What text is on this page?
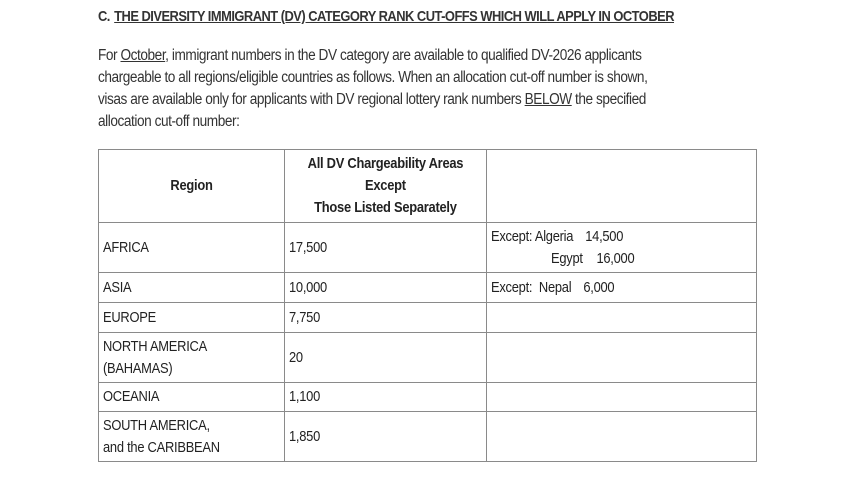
C. THE DIVERSITY IMMIGRANT (DV) CATEGORY RANK CUT-OFFS WHICH WILL APPLY IN OCTOBER
For October, immigrant numbers in the DV category are available to qualified DV-2026 applicants
chargeable to all regions/eligible countries as follows. When an allocation cut-off number is shown,
visas are available only for applicants with DV regional lottery rank numbers BELOW the specified
allocation cut-off number:
Region	All DV Chargeability Areas
Except
Those Listed Separately	

AFRICA	17,500	Except: Algeria 14,500
Egypt 16,000

ASIA	10,000	Except: Nepal 6,000

EUROPE	7,750	

NORTH AMERICA
(BAHAMAS)	20	
OCEANIA	1,100	

SOUTH AMERICA,
and the CARIBBEAN	1,850	
